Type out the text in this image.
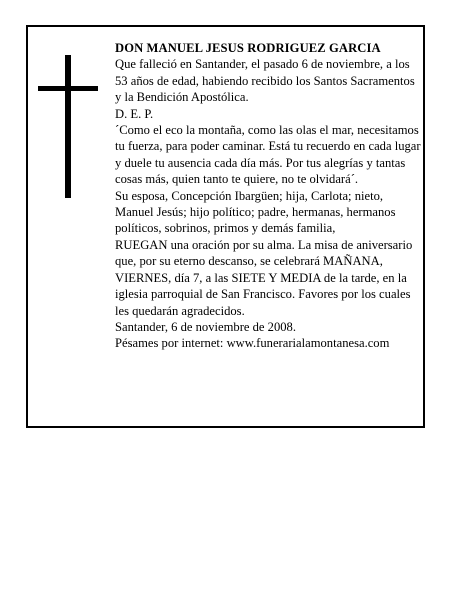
DON MANUEL JESUS RODRIGUEZ GARCIA

Que falleció en Santander, el pasado 6 de noviembre, a los 53 años de edad, habiendo recibido los Santos Sacramentos y la Bendición Apostólica.

D. E. P.

´Como el eco la montaña, como las olas el mar, necesitamos tu fuerza, para poder caminar. Está tu recuerdo en cada lugar y duele tu ausencia cada día más. Por tus alegrías y tantas cosas más, quien tanto te quiere, no te olvidará´.

Su esposa, Concepción Ibargüen; hija, Carlota; nieto, Manuel Jesús; hijo político; padre, hermanas, hermanos políticos, sobrinos, primos y demás familia,

RUEGAN una oración por su alma. La misa de aniversario que, por su eterno descanso, se celebrará MAÑANA, VIERNES, día 7, a las SIETE Y MEDIA de la tarde, en la iglesia parroquial de San Francisco. Favores por los cuales les quedarán agradecidos.

Santander, 6 de noviembre de 2008.

Pésames por internet: www.funerarialamontanesa.com
